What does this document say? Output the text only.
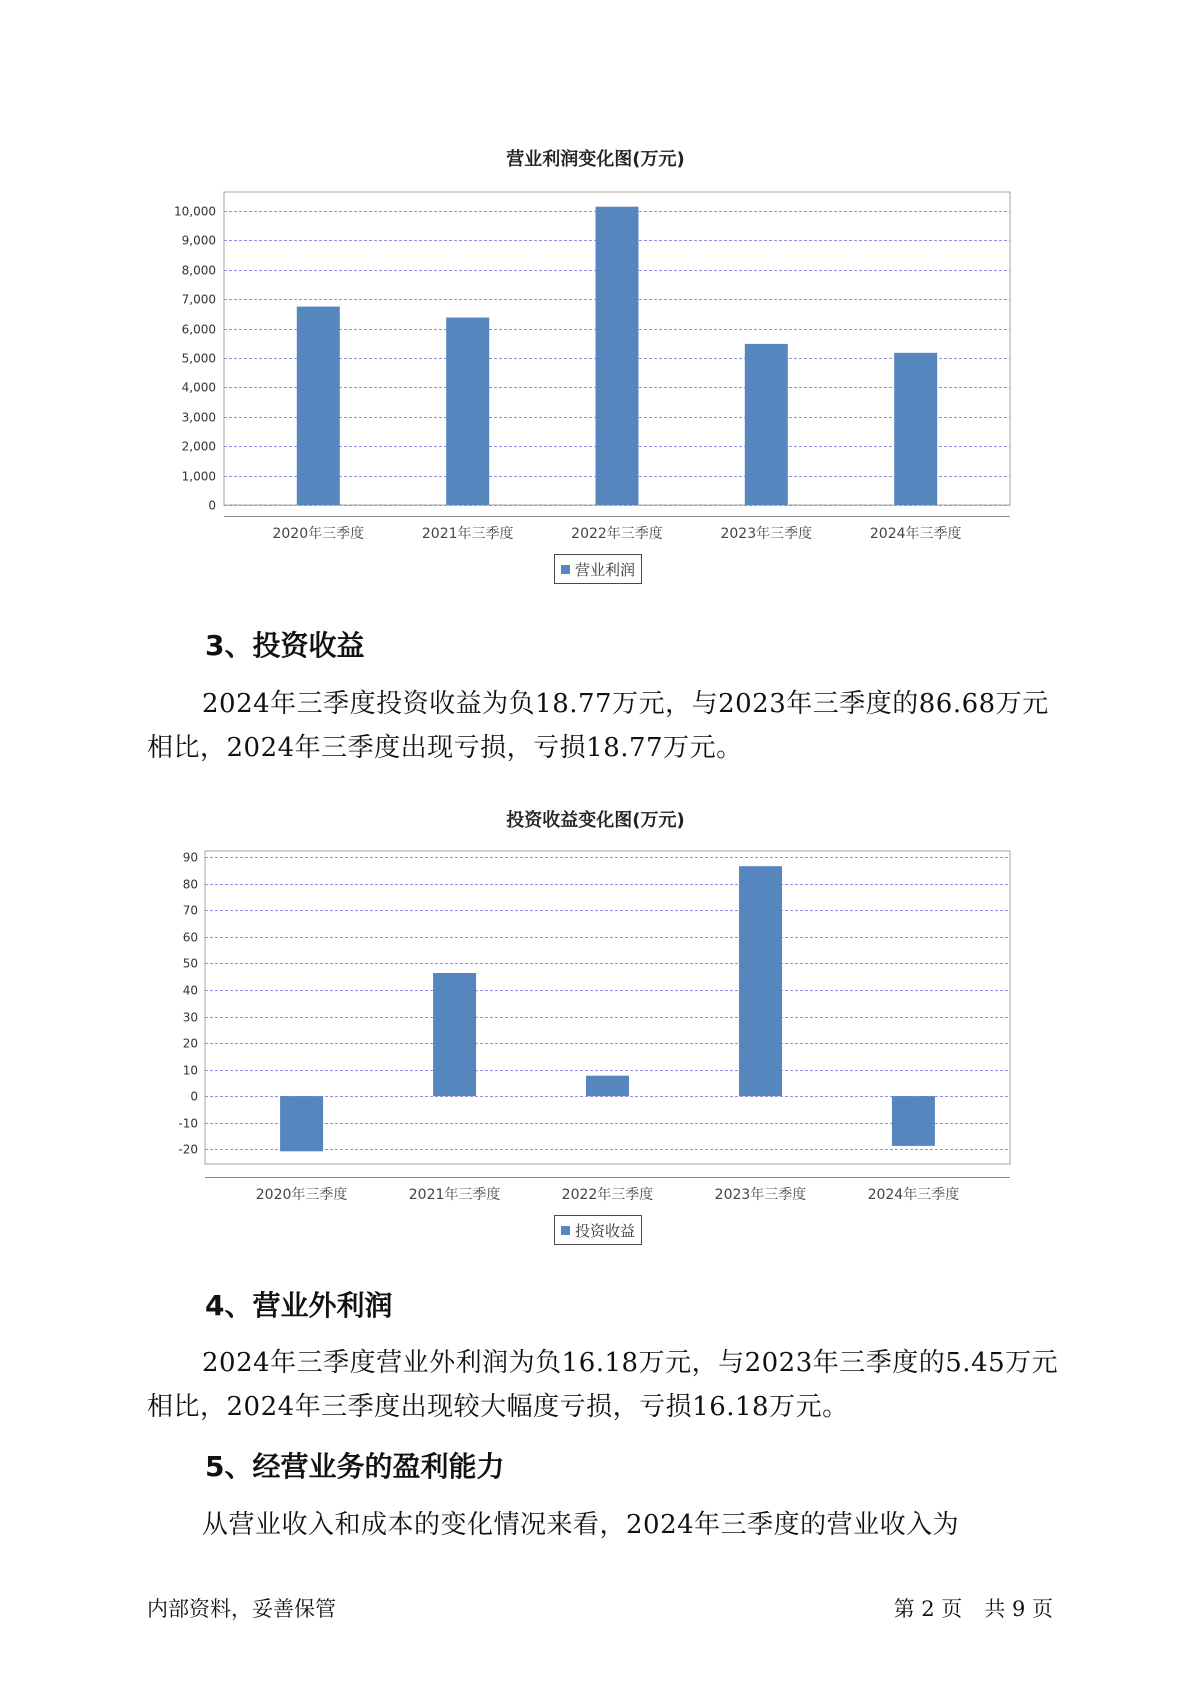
0
1,000
2,000
3,000
4,000
5,000
6,000
7,000
8,000
9,000
10,000
2020年三季度	2021年三季度	2022年三季度	2023年三季度	2024年三季度
-20
-10
0
10
20
30
40
50
60
70
80
90
2020年三季度	2021年三季度	2022年三季度	2023年三季度	2024年三季度
营业利润变化图(万元)
营业利润
3、投资收益
2024年三季度投资收益为负18.77万元，与2023年三季度的86.68万元
相比，2024年三季度出现亏损，亏损18.77万元。
投资收益变化图(万元)
投资收益
4、营业外利润
2024年三季度营业外利润为负16.18万元，与2023年三季度的5.45万元
相比，2024年三季度出现较大幅度亏损，亏损16.18万元。
5、经营业务的盈利能力
从营业收入和成本的变化情况来看，2024年三季度的营业收入为
内部资料，妥善保管	第 2 页 共 9 页
